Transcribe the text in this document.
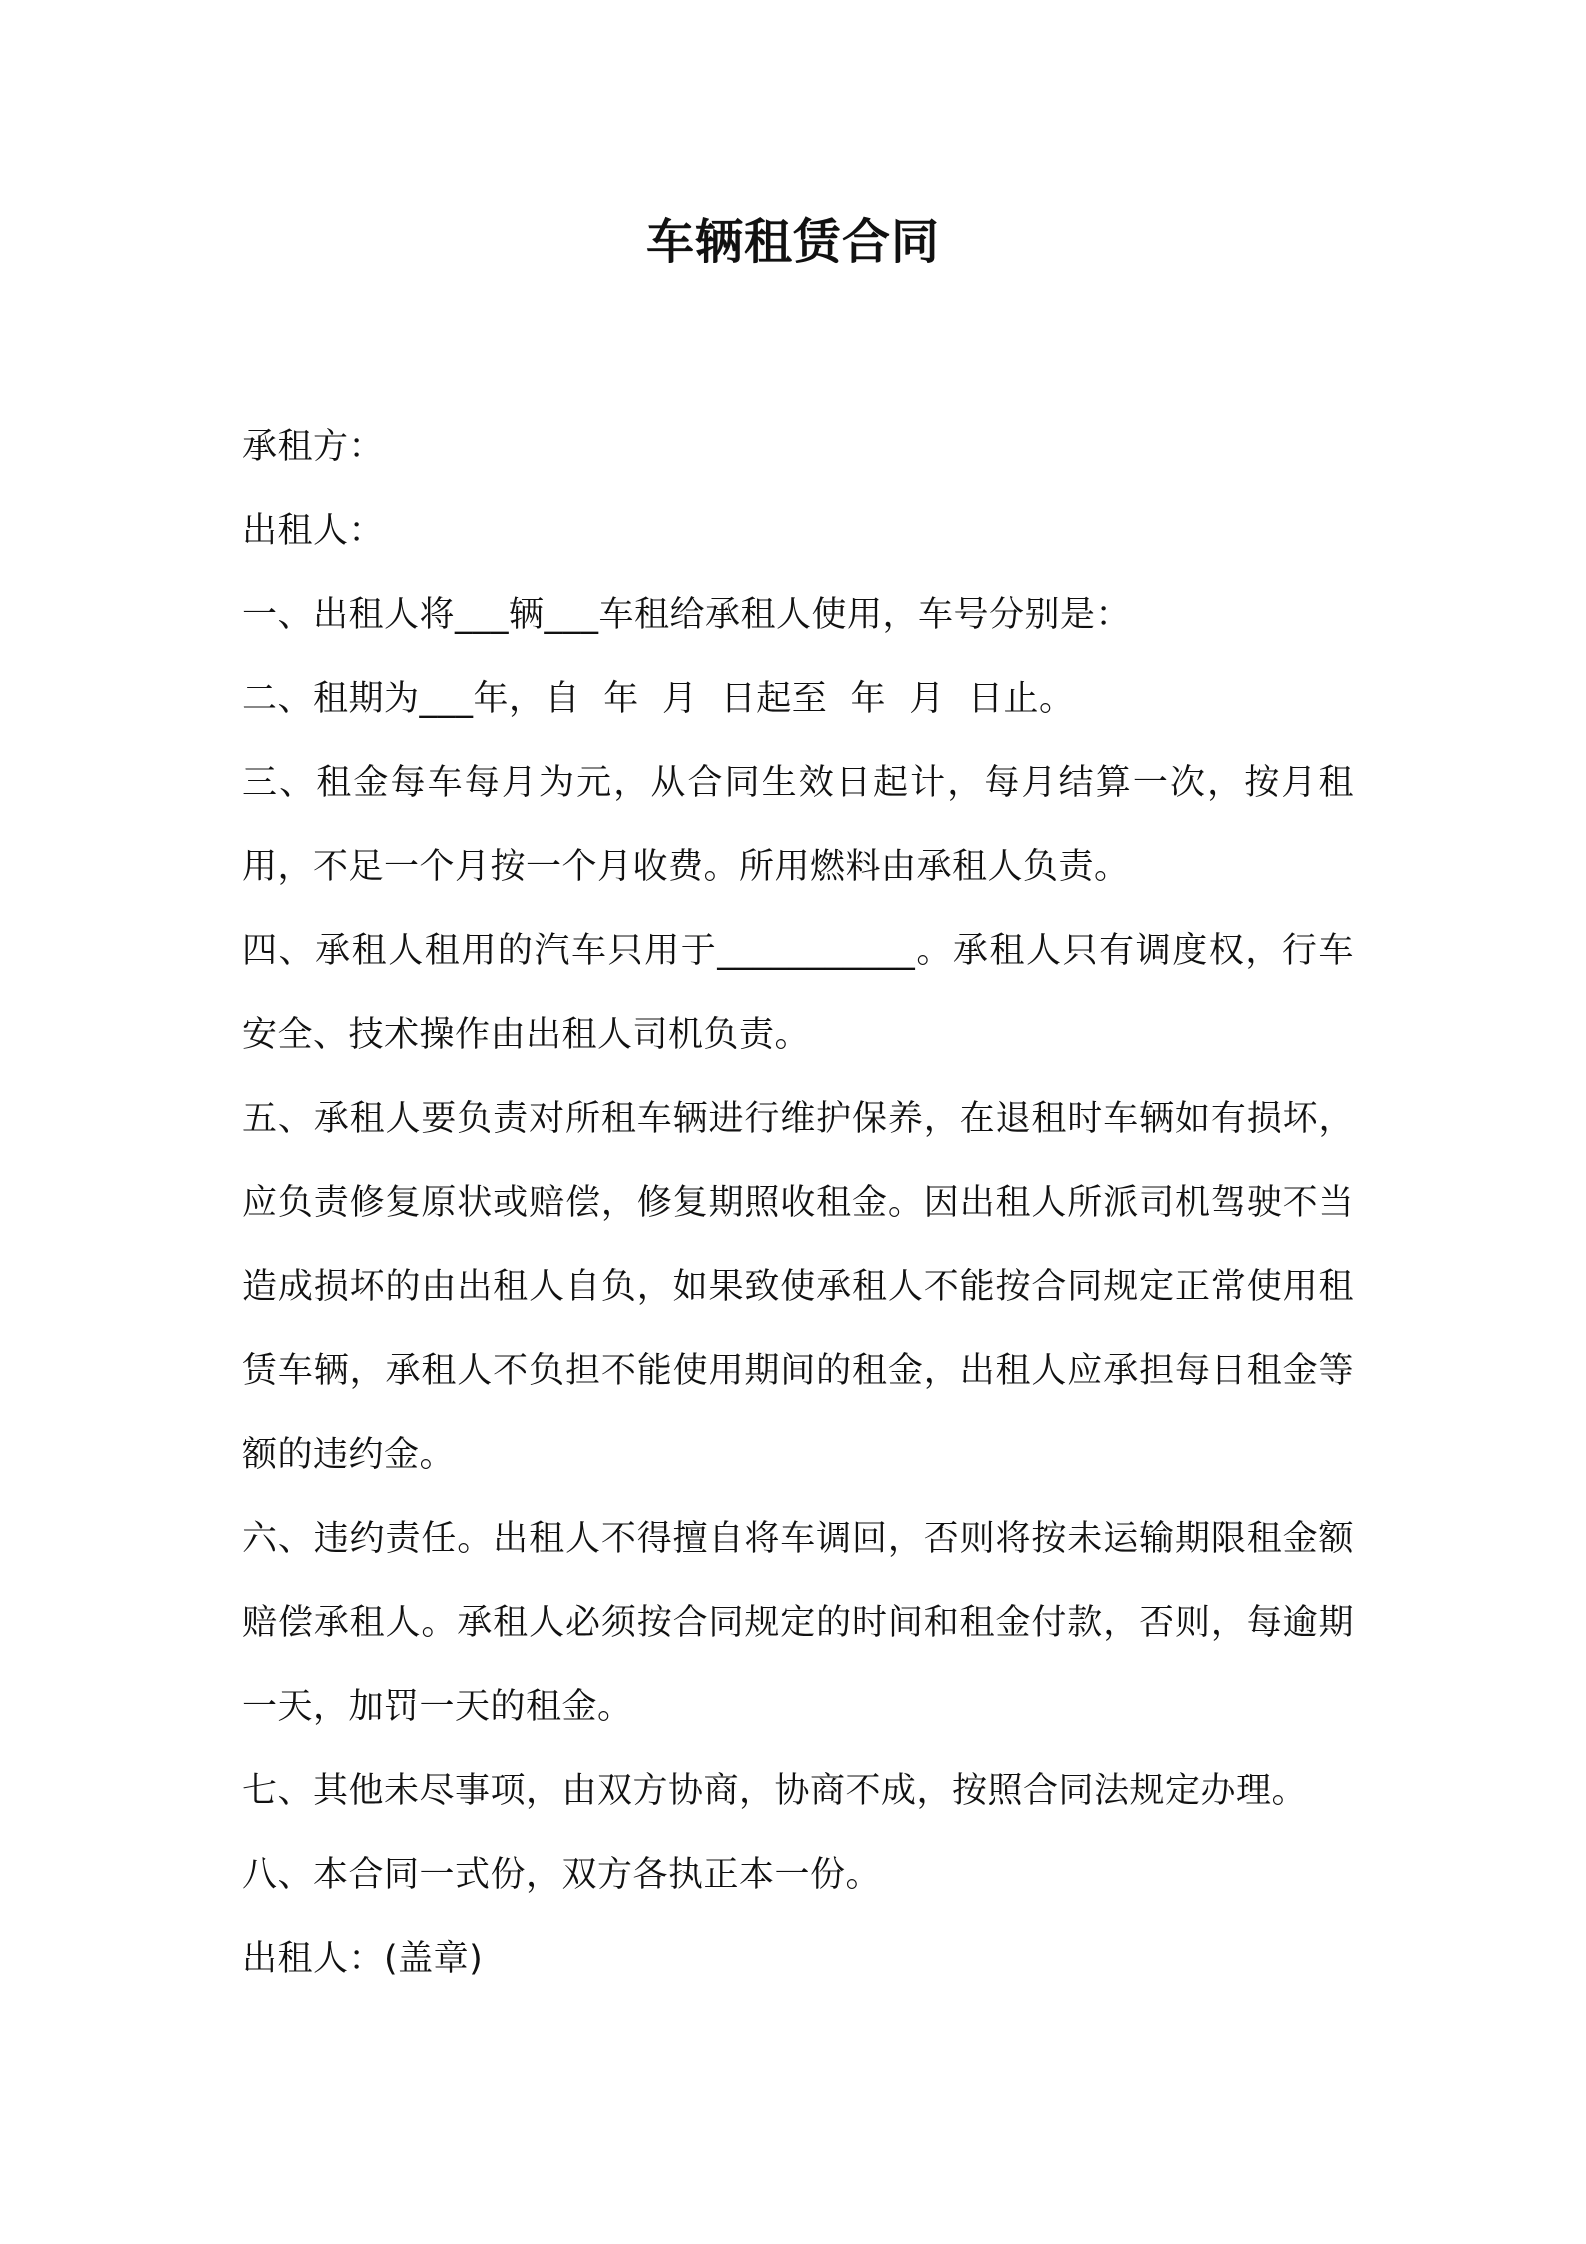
车辆租赁合同

承租方：

出租人：

一、出租人将___辆___车租给承租人使用，车号分别是：

二、租期为___年，自  年  月  日起至  年  月  日止。

三、租金每车每月为元，从合同生效日起计，每月结算一次，按月租用，不足一个月按一个月收费。所用燃料由承租人负责。

四、承租人租用的汽车只用于___________。承租人只有调度权，行车安全、技术操作由出租人司机负责。

五、承租人要负责对所租车辆进行维护保养，在退租时车辆如有损坏，应负责修复原状或赔偿，修复期照收租金。因出租人所派司机驾驶不当造成损坏的由出租人自负，如果致使承租人不能按合同规定正常使用租赁车辆，承租人不负担不能使用期间的租金，出租人应承担每日租金等额的违约金。

六、违约责任。出租人不得擅自将车调回，否则将按未运输期限租金额赔偿承租人。承租人必须按合同规定的时间和租金付款，否则，每逾期一天，加罚一天的租金。

七、其他未尽事项，由双方协商，协商不成，按照合同法规定办理。

八、本合同一式份，双方各执正本一份。

出租人：(盖章)
